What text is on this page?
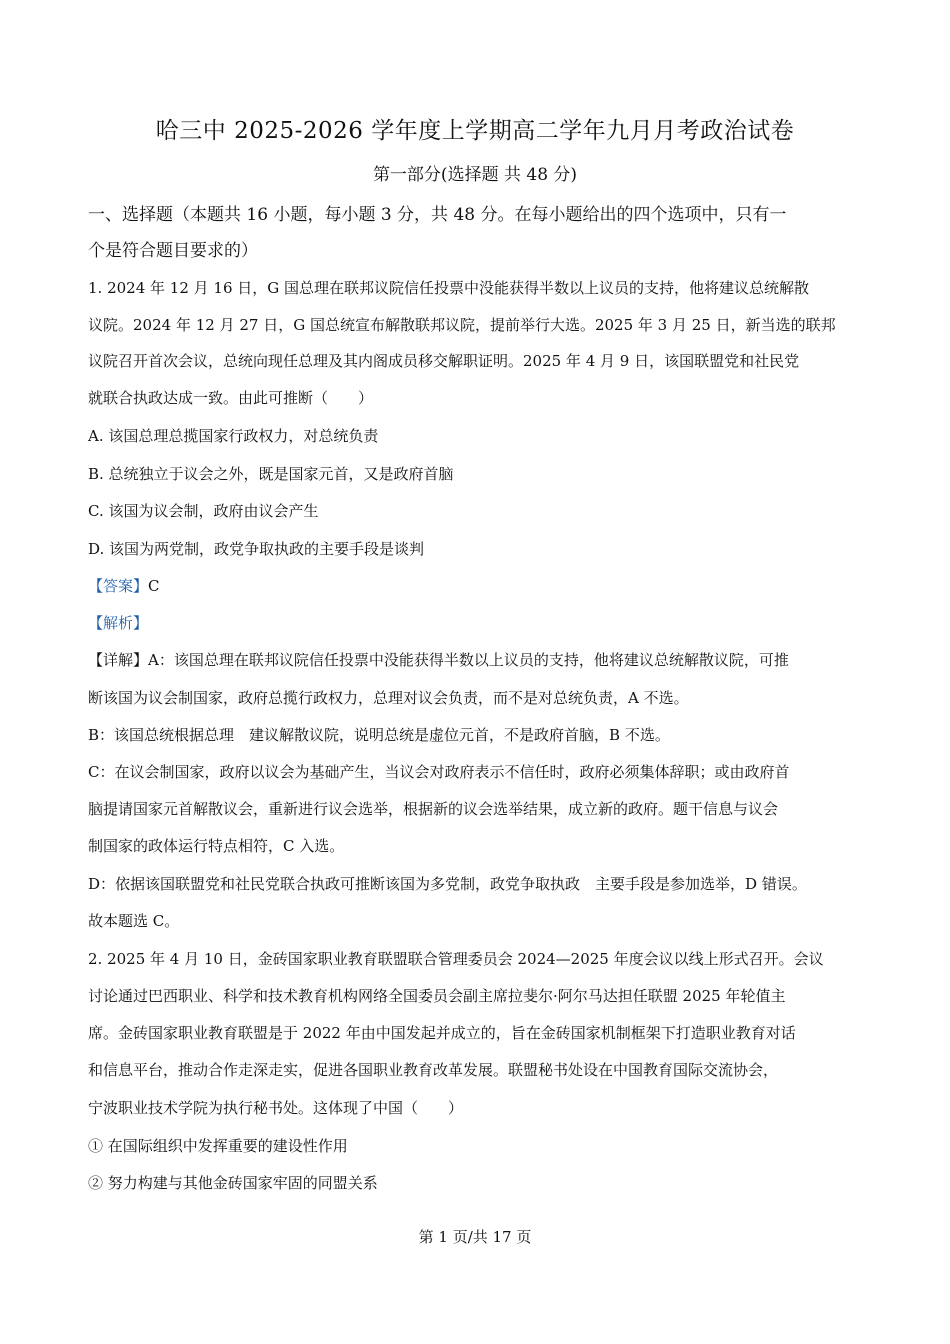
哈三中 2025-2026 学年度上学期高二学年九月月考政治试卷
第一部分(选择题 共 48 分)
一、选择题（本题共 16 小题，每小题 3 分，共 48 分。在每小题给出的四个选项中，只有一
个是符合题目要求的）
1. 2024 年 12 月 16 日，G 国总理在联邦议院信任投票中没能获得半数以上议员的支持，他将建议总统解散
议院。2024 年 12 月 27 日，G 国总统宣布解散联邦议院，提前举行大选。2025 年 3 月 25 日，新当选的联邦
议院召开首次会议，总统向现任总理及其内阁成员移交解职证明。2025 年 4 月 9 日，该国联盟党和社民党
就联合执政达成一致。由此可推断（　　）
A. 该国总理总揽国家行政权力，对总统负责
B. 总统独立于议会之外，既是国家元首，又是政府首脑
C. 该国为议会制，政府由议会产生
D. 该国为两党制，政党争取执政的主要手段是谈判
【答案】C
【解析】
【详解】A：该国总理在联邦议院信任投票中没能获得半数以上议员的支持，他将建议总统解散议院，可推
断该国为议会制国家，政府总揽行政权力，总理对议会负责，而不是对总统负责，A 不选。
B：该国总统根据总理　建议解散议院，说明总统是虚位元首，不是政府首脑，B 不选。
C：在议会制国家，政府以议会为基础产生，当议会对政府表示不信任时，政府必须集体辞职；或由政府首
脑提请国家元首解散议会，重新进行议会选举，根据新的议会选举结果，成立新的政府。题干信息与议会
制国家的政体运行特点相符，C 入选。
D：依据该国联盟党和社民党联合执政可推断该国为多党制，政党争取执政　主要手段是参加选举，D 错误。
故本题选 C。
2. 2025 年 4 月 10 日，金砖国家职业教育联盟联合管理委员会 2024—2025 年度会议以线上形式召开。会议
讨论通过巴西职业、科学和技术教育机构网络全国委员会副主席拉斐尔·阿尔马达担任联盟 2025 年轮值主
席。金砖国家职业教育联盟是于 2022 年由中国发起并成立的，旨在金砖国家机制框架下打造职业教育对话
和信息平台，推动合作走深走实，促进各国职业教育改革发展。联盟秘书处设在中国教育国际交流协会，
宁波职业技术学院为执行秘书处。这体现了中国（　　）
① 在国际组织中发挥重要的建设性作用
② 努力构建与其他金砖国家牢固的同盟关系
第 1 页/共 17 页
